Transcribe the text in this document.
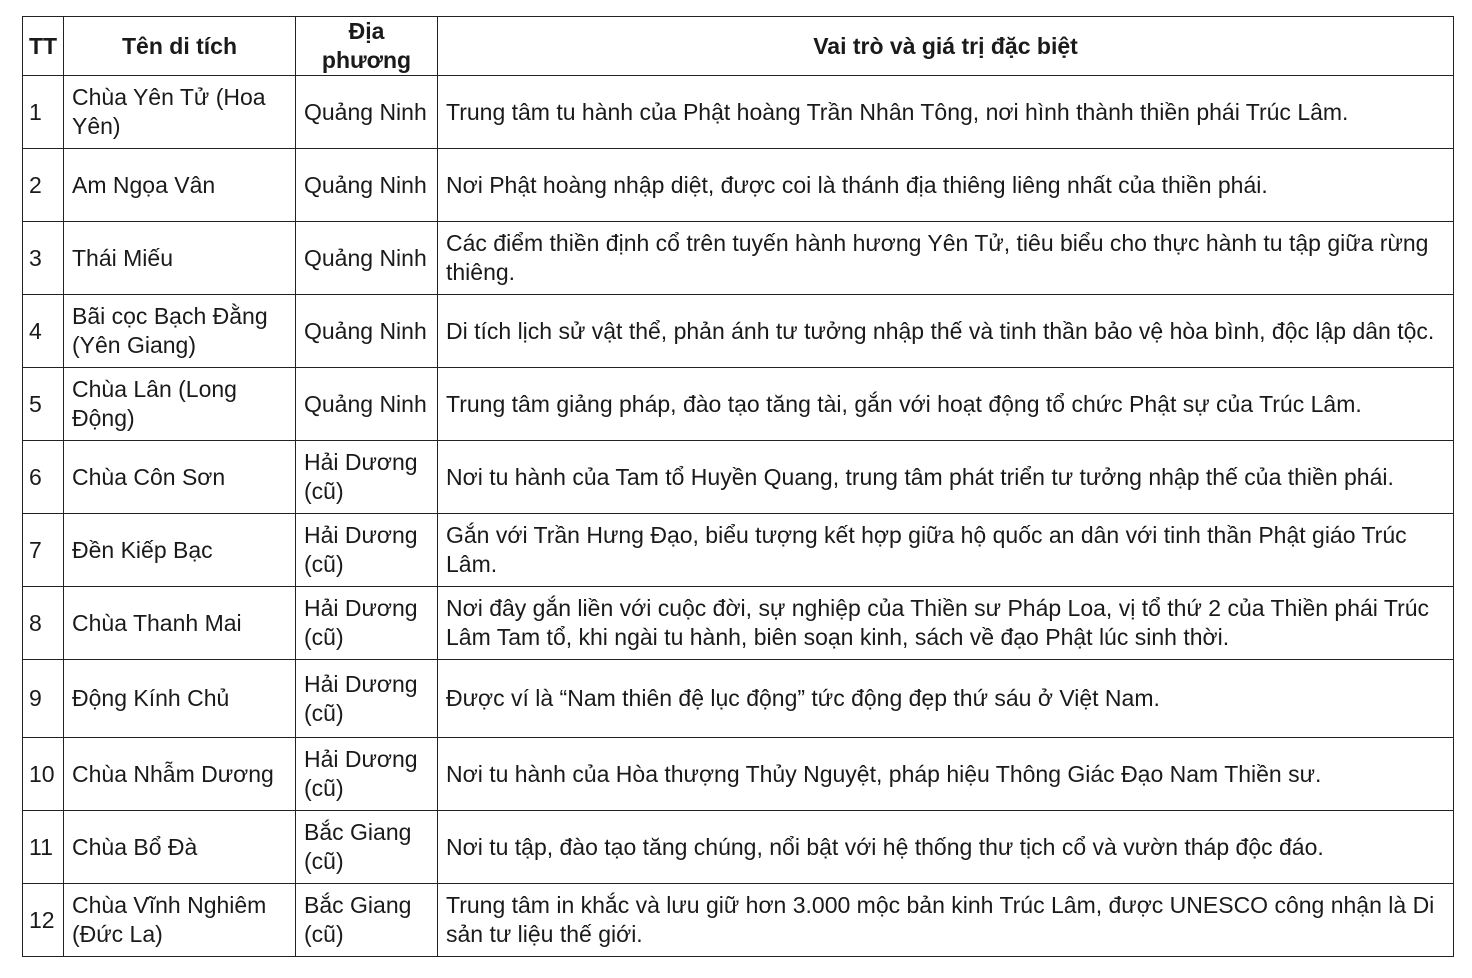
TT	Tên di tích	Địa phương	Vai trò và giá trị đặc biệt
1	Chùa Yên Tử (Hoa Yên)	Quảng Ninh	Trung tâm tu hành của Phật hoàng Trần Nhân Tông, nơi hình thành thiền phái Trúc Lâm.
2	Am Ngọa Vân	Quảng Ninh	Nơi Phật hoàng nhập diệt, được coi là thánh địa thiêng liêng nhất của thiền phái.
3	Thái Miếu	Quảng Ninh	Các điểm thiền định cổ trên tuyến hành hương Yên Tử, tiêu biểu cho thực hành tu tập giữa rừng thiêng.
4	Bãi cọc Bạch Đằng (Yên Giang)	Quảng Ninh	Di tích lịch sử vật thể, phản ánh tư tưởng nhập thế và tinh thần bảo vệ hòa bình, độc lập dân tộc.
5	Chùa Lân (Long Động)	Quảng Ninh	Trung tâm giảng pháp, đào tạo tăng tài, gắn với hoạt động tổ chức Phật sự của Trúc Lâm.
6	Chùa Côn Sơn	Hải Dương (cũ)	Nơi tu hành của Tam tổ Huyền Quang, trung tâm phát triển tư tưởng nhập thế của thiền phái.
7	Đền Kiếp Bạc	Hải Dương (cũ)	Gắn với Trần Hưng Đạo, biểu tượng kết hợp giữa hộ quốc an dân với tinh thần Phật giáo Trúc Lâm.
8	Chùa Thanh Mai	Hải Dương (cũ)	Nơi đây gắn liền với cuộc đời, sự nghiệp của Thiền sư Pháp Loa, vị tổ thứ 2 của Thiền phái Trúc Lâm Tam tổ, khi ngài tu hành, biên soạn kinh, sách về đạo Phật lúc sinh thời.
9	Động Kính Chủ	Hải Dương (cũ)	Được ví là “Nam thiên đệ lục động” tức động đẹp thứ sáu ở Việt Nam.
10	Chùa Nhẫm Dương	Hải Dương (cũ)	Nơi tu hành của Hòa thượng Thủy Nguyệt, pháp hiệu Thông Giác Đạo Nam Thiền sư.
11	Chùa Bổ Đà	Bắc Giang (cũ)	Nơi tu tập, đào tạo tăng chúng, nổi bật với hệ thống thư tịch cổ và vườn tháp độc đáo.
12	Chùa Vĩnh Nghiêm (Đức La)	Bắc Giang (cũ)	Trung tâm in khắc và lưu giữ hơn 3.000 mộc bản kinh Trúc Lâm, được UNESCO công nhận là Di sản tư liệu thế giới.
